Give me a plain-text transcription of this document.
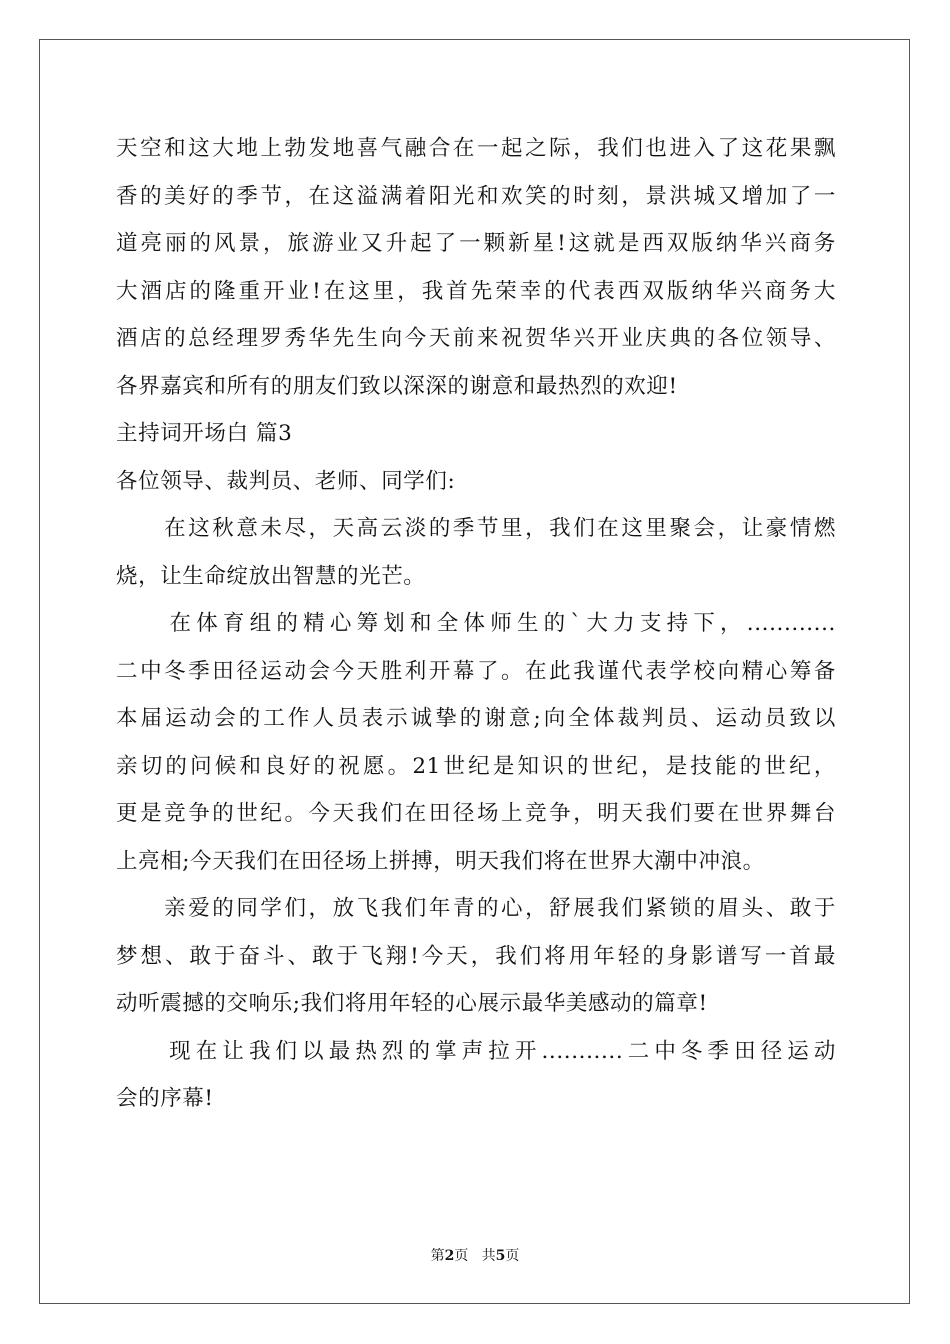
天空和这大地上勃发地喜气融合在一起之际，我们也进入了这花果飘
香的美好的季节，在这溢满着阳光和欢笑的时刻，景洪城又增加了一
道亮丽的风景，旅游业又升起了一颗新星!这就是西双版纳华兴商务
大酒店的隆重开业!在这里，我首先荣幸的代表西双版纳华兴商务大
酒店的总经理罗秀华先生向今天前来祝贺华兴开业庆典的各位领导、
各界嘉宾和所有的朋友们致以深深的谢意和最热烈的欢迎!
主持词开场白 篇3
各位领导、裁判员、老师、同学们:
　　在这秋意未尽，天高云淡的季节里，我们在这里聚会，让豪情燃
烧，让生命绽放出智慧的光芒。
　　在体育组的精心筹划和全体师生的`大力支持下，............
二中冬季田径运动会今天胜利开幕了。在此我谨代表学校向精心筹备
本届运动会的工作人员表示诚挚的谢意;向全体裁判员、运动员致以
亲切的问候和良好的祝愿。21世纪是知识的世纪，是技能的世纪，
更是竞争的世纪。今天我们在田径场上竞争，明天我们要在世界舞台
上亮相;今天我们在田径场上拼搏，明天我们将在世界大潮中冲浪。
　　亲爱的同学们，放飞我们年青的心，舒展我们紧锁的眉头、敢于
梦想、敢于奋斗、敢于飞翔!今天，我们将用年轻的身影谱写一首最
动听震撼的交响乐;我们将用年轻的心展示最华美感动的篇章!
　　现在让我们以最热烈的掌声拉开...........二中冬季田径运动
会的序幕!
第2页 共5页
